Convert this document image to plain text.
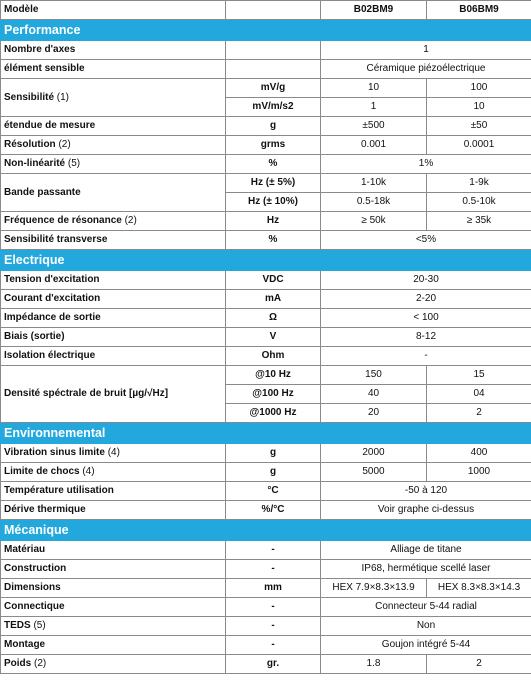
Modèle		B02BM9	B06BM9
Performance			
Nombre d'axes		1	
élément sensible		Céramique piézoélectrique	
Sensibilité (1)	mV/g	10	100
	mV/m/s2	1	10
étendue de mesure	g	±500	±50
Résolution (2)	grms	0.001	0.0001
Non-linéarité (5)	%	1%	
Bande passante	Hz (± 5%)	1-10k	1-9k
	Hz (± 10%)	0.5-18k	0.5-10k
Fréquence de résonance (2)	Hz	≥ 50k	≥ 35k
Sensibilité transverse	%	<5%	
Electrique			
Tension d'excitation	VDC	20-30	
Courant d'excitation	mA	2-20	
Impédance de sortie	Ω	< 100	
Biais (sortie)	V	8-12	
Isolation électrique	Ohm	-	
Densité spéctrale de bruit [µg/√Hz]	@10 Hz	150	15
	@100 Hz	40	04
	@1000 Hz	20	2
Environnemental			
Vibration sinus limite (4)	g	2000	400
Limite de chocs (4)	g	5000	1000
Température utilisation	°C	-50 à 120	
Dérive thermique	%/°C	Voir graphe ci-dessus	
Mécanique			
Matériau	-	Alliage de titane	
Construction	-	IP68, hermétique scellé laser	
Dimensions	mm	HEX 7.9×8.3×13.9	HEX 8.3×8.3×14.3
Connectique	-	Connecteur 5-44 radial	
TEDS (5)	-	Non	
Montage	-	Goujon intégré 5-44	
Poids (2)	gr.	1.8	2
